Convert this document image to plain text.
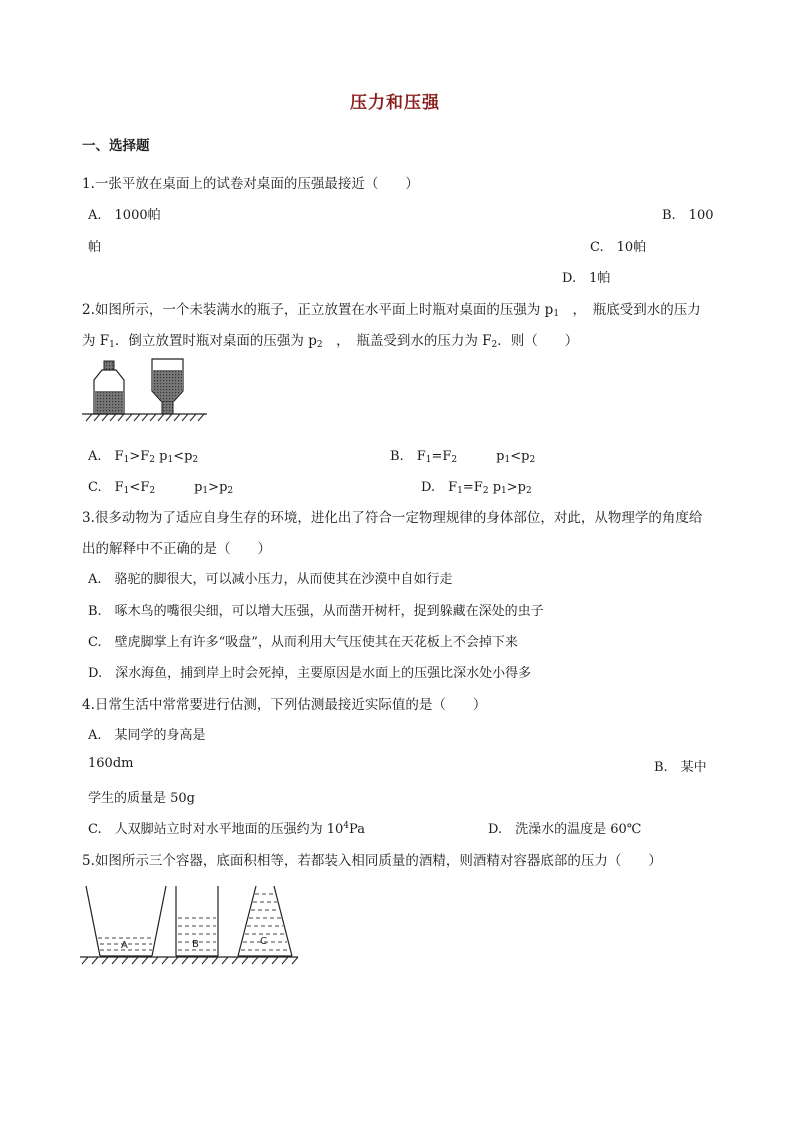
压力和压强
一、选择题
1.一张平放在桌面上的试卷对桌面的压强最接近（　　）
A.　1000帕	B.　100
帕	C.　10帕
D.　1帕
2.如图所示，一个未装满水的瓶子，正立放置在水平面上时瓶对桌面的压强为 $p_1$　，　瓶底受到水的压力
为 $F_1$．倒立放置时瓶对桌面的压强为 $p_2$　，　瓶盖受到水的压力为 $F_2$．则（　　）
A.　 $F_1>F_2$ $p_1<p_2$	B.　 $F_1=F_2$　　　	$p_1<p_2$
C.　 $F_1<F_2$　　　	$p_1>p_2$	D.　 $F_1=F_2$ $p_1>p_2$
3.很多动物为了适应自身生存的环境，进化出了符合一定物理规律的身体部位，对此，从物理学的角度给
出的解释中不正确的是（　　）
A.　骆驼的脚很大，可以减小压力，从而使其在沙漠中自如行走
B.　啄木鸟的嘴很尖细，可以增大压强，从而凿开树杆，捉到躲藏在深处的虫子
C.　壁虎脚掌上有许多“吸盘”，从而利用大气压使其在天花板上不会掉下来
D.　深水海鱼，捕到岸上时会死掉，主要原因是水面上的压强比深水处小得多
4.日常生活中常常要进行估测，下列估测最接近实际值的是（　　）
A.　某同学的身高是
160dm	B.　某中
学生的质量是 50g
C.　人双脚站立时对水平地面的压强约为 $10^4Pa$	D.　洗澡水的温度是 60℃
5.如图所示三个容器，底面积相等，若都装入相同质量的酒精，则酒精对容器底部的压力（　　）
A	B	C
